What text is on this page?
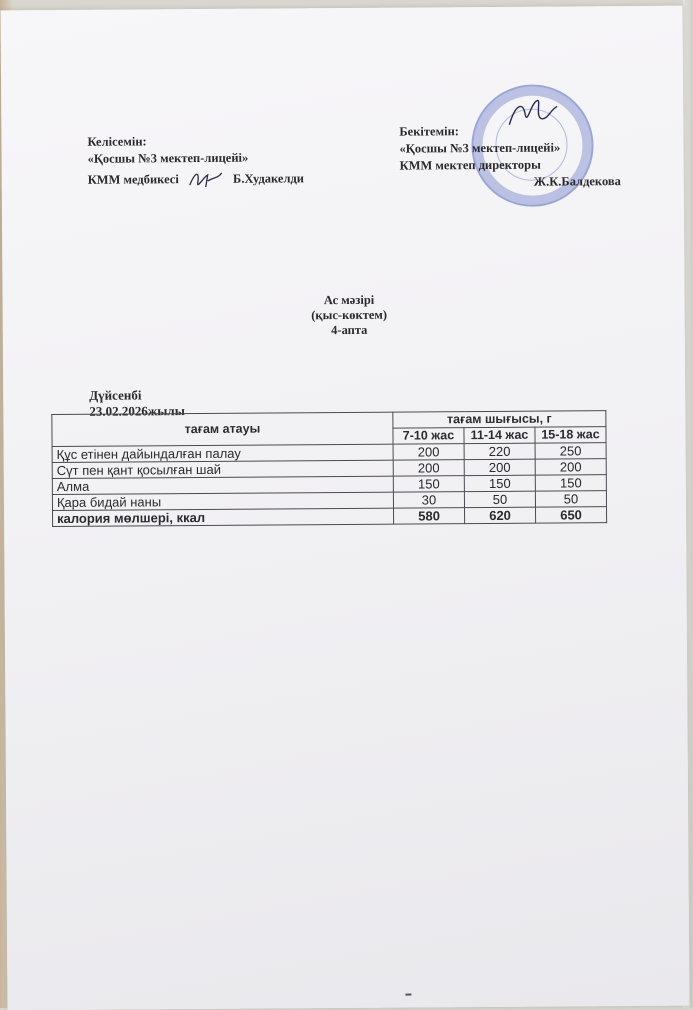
Келісемін:
«Қосшы №3 мектеп-лицейі»
КММ медбикесі	Б.Худакелди
Бекітемін:
«Қосшы №3 мектеп-лицейі»
КММ мектеп директоры
Ж.К.Балдекова
Ас мәзірі
(қыс-көктем)
4-апта
Дүйсенбі
23.02.2026жылы
тағам атауы	тағам шығысы, г		
	7-10 жас	11-14 жас	15-18 жас
Құс етінен дайындалған палау	200	220	250
Сүт пен қант қосылған шай	200	200	200
Алма	150	150	150
Қара бидай наны	30	50	50
калория мөлшері, ккал	580	620	650
